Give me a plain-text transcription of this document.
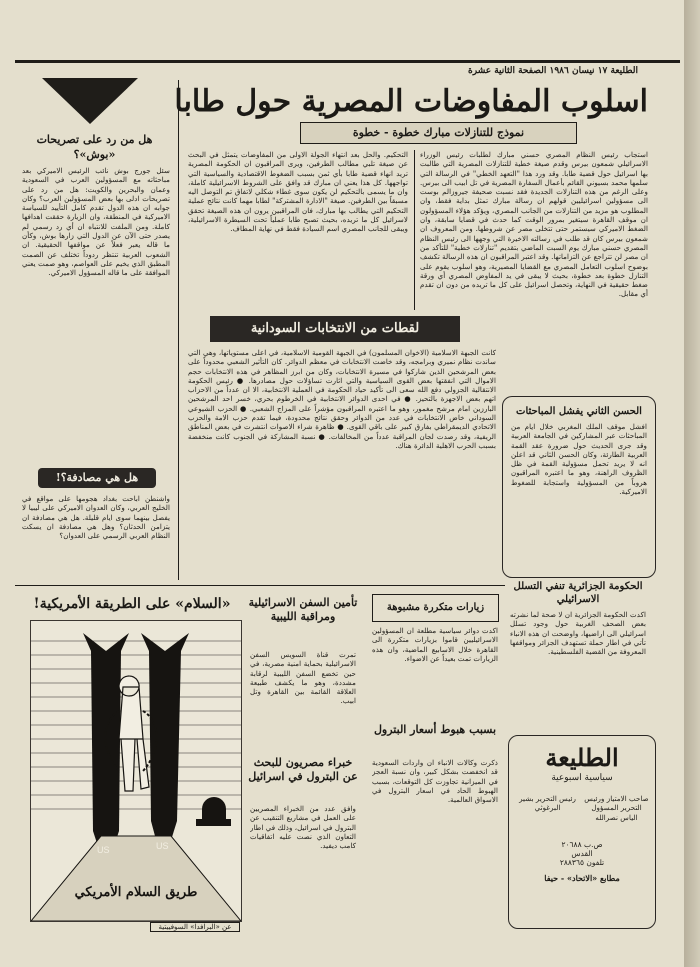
الطليعة ١٧ نيسان ١٩٨٦ الصفحة الثانية عشرة
اسلوب المفاوضات المصرية حول طابا
نموذج للتنازلات مبارك خطوة - خطوة
استجاب رئيس النظام المصري حسني مبارك لطلبات رئيس الوزراء الاسرائيلي شمعون بيرس وقدم صيغة خطية للتنازلات المصرية التي طالبت بها اسرائيل حول قضية طابا. وقد ورد هذا "التعهد الخطي" في الرسالة التي سلمها محمد بسيوني القائم بأعمال السفارة المصرية في تل ابيب الى بيرس. وعلى الرغم من هذه التنازلات الجديدة فقد نسبت صحيفة جيروزالم بوست الى مسؤولين اسرائيليين قولهم ان رسالة مبارك تمثل بداية فقط، وان المطلوب هو مزيد من التنازلات من الجانب المصري، ويؤكد هؤلاء المسؤولون ان موقف القاهرة سيتغير بمرور الوقت كما حدث في قضايا سابقة، وان الضغط الاميركي سيستمر حتى تتخلى مصر عن شروطها. ومن المعروف ان شمعون بيرس كان قد طلب في رسالته الاخيرة التي وجهها الى رئيس النظام المصري حسني مبارك يوم السبت الماضي بتقديم "تنازلات خطية" للتأكد من ان مصر لن تتراجع عن التزاماتها. وقد اعتبر المراقبون ان هذه الرسالة تكشف بوضوح اسلوب التعامل المصري مع القضايا المصيرية، وهو اسلوب يقوم على التنازل خطوة بعد خطوة، بحيث لا يبقى في يد المفاوض المصري أي ورقة ضغط حقيقية في النهاية، وتحصل اسرائيل على كل ما تريده من دون ان تقدم أي مقابل.
التحكيم. والحل بعد انتهاء الجولة الاولى من المفاوضات يتمثل في البحث عن صيغة تلبي مطالب الطرفين، ويرى المراقبون ان الحكومة المصرية تريد انهاء قضية طابا بأي ثمن بسبب الضغوط الاقتصادية والسياسية التي تواجهها. كل هذا يعني ان مبارك قد وافق على الشروط الاسرائيلية كاملة، وان ما يسمى بالتحكيم لن يكون سوى غطاء شكلي لاتفاق تم التوصل اليه مسبقاً بين الطرفين. صيغة "الادارة المشتركة" لطابا مهما كانت نتائج عملية التحكيم التي يطالب بها مبارك، فان المراقبين يرون ان هذه الصيغة تحقق لاسرائيل كل ما تريده، بحيث تصبح طابا عملياً تحت السيطرة الاسرائيلية، ويبقى للجانب المصري اسم السيادة فقط في نهاية المطاف.
لقطات من الانتخابات السودانية
كانت الجبهة الاسلامية (الاخوان المسلمون) في الجبهة القومية الاسلامية، في اعلى مستوياتها، وهي التي ساندت نظام نميري وبرامجه، وقد خاضت الانتخابات في معظم الدوائر. كان التأثير الشعبي محدوداً على بعض المرشحين الذين شاركوا في مسيرة الانتخابات، وكان من ابرز المظاهر في هذه الانتخابات حجم الاموال التي انفقتها بعض القوى السياسية والتي اثارت تساؤلات حول مصادرها. ● رئيس الحكومة الانتقالية الجزولي دفع الله سعى الى تأكيد حياد الحكومة في العملية الانتخابية، الا ان عدداً من الاحزاب اتهم بعض الاجهزة بالتحيز. ● في احدى الدوائر الانتخابية في الخرطوم بحري، خسر احد المرشحين البارزين امام مرشح مغمور، وهو ما اعتبره المراقبون مؤشراً على المزاج الشعبي. ● الحزب الشيوعي السوداني خاض الانتخابات في عدد من الدوائر وحقق نتائج محدودة، فيما تقدم حزب الامة والحزب الاتحادي الديمقراطي بفارق كبير على باقي القوى. ● ظاهرة شراء الاصوات انتشرت في بعض المناطق الريفية، وقد رصدت لجان المراقبة عدداً من المخالفات. ● نسبة المشاركة في الجنوب كانت منخفضة بسبب الحرب الاهلية الدائرة هناك.
الحسن الثاني يفشل المباحثات
افشل موقف الملك المغربي خلال ايام من المباحثات عبر المشاركين في الجامعة العربية وقد جرى الحديث حول ضرورة عقد القمة العربية الطارئة، وكان الحسن الثاني قد اعلن انه لا يريد تحمل مسؤولية القمة في ظل الظروف الراهنة، وهو ما اعتبره المراقبون هروباً من المسؤولية واستجابة للضغوط الاميركية.
الحكومة الجزائرية تنفي التسلل الاسرائيلي
اكدت الحكومة الجزائرية ان لا صحة لما نشرته بعض الصحف الغربية حول وجود تسلل اسرائيلي الى اراضيها، واوضحت ان هذه الانباء تأتي في اطار حملة تستهدف الجزائر ومواقفها المعروفة من القضية الفلسطينية.
هل من رد على تصريحات «بوش»؟
سئل جورج بوش نائب الرئيس الاميركي بعد مباحثاته مع المسؤولين العرب في السعودية وعمان والبحرين والكويت: هل من رد على تصريحات ادلى بها بعض المسؤولين العرب؟ وكان جوابه ان هذه الدول تقدم كامل التأييد للسياسة الاميركية في المنطقة، وان الزيارة حققت اهدافها كاملة. ومن الملفت للانتباه ان أي رد رسمي لم يصدر حتى الآن عن الدول التي زارها بوش، وكأن ما قاله يعبر فعلاً عن مواقفها الحقيقية. ان الشعوب العربية تنتظر ردوداً تختلف عن الصمت المطبق الذي يخيم على العواصم، وهو صمت يعني الموافقة على ما قاله المسؤول الاميركي.
هل هي مصادفة؟!
واشنطن اباحت بغداد هجومها على مواقع في الخليج العربي، وكان العدوان الاميركي على ليبيا لا يفصل بينهما سوى ايام قليلة. هل هي مصادفة ان يتزامن الحدثان؟ وهل هي مصادفة ان يسكت النظام العربي الرسمي على العدوان؟
«السلام» على الطريقة الأمريكية!
US	US
طريق السلام الأمريكي
عن «البرافدا» السوفييتية
تأمين السفن الاسرائيلية ومراقبة الليبية
تمرت قناة السويس السفن الاسرائيلية بحماية امنية مصرية، في حين تخضع السفن الليبية لرقابة مشددة، وهو ما يكشف طبيعة العلاقة القائمة بين القاهرة وتل ابيب.
خبراء مصريون للبحث عن البترول في اسرائيل
وافق عدد من الخبراء المصريين على العمل في مشاريع التنقيب عن البترول في اسرائيل، وذلك في اطار التعاون الذي نصت عليه اتفاقيات كامب ديفيد.
زيارات متكررة مشبوهة
اكدت دوائر سياسية مطلعة ان المسؤولين الاسرائيليين قاموا بزيارات متكررة الى القاهرة خلال الاسابيع الماضية، وان هذه الزيارات تمت بعيداً عن الاضواء.
بسبب هبوط أسعار البترول
ذكرت وكالات الانباء ان واردات السعودية قد انخفضت بشكل كبير، وان نسبة العجز في الميزانية تجاوزت كل التوقعات، بسبب الهبوط الحاد في اسعار البترول في الاسواق العالمية.
الطليعة
سياسية اسبوعية
صاحب الامتياز ورئيس التحرير المسؤول الياس نصرالله
رئيس التحرير بشير البرغوثي
ص.ب ٢٠٦٨٨
القدس
تلفون ٢٨٨٣٦٥
مطابع «الاتحاد» - حيفا
